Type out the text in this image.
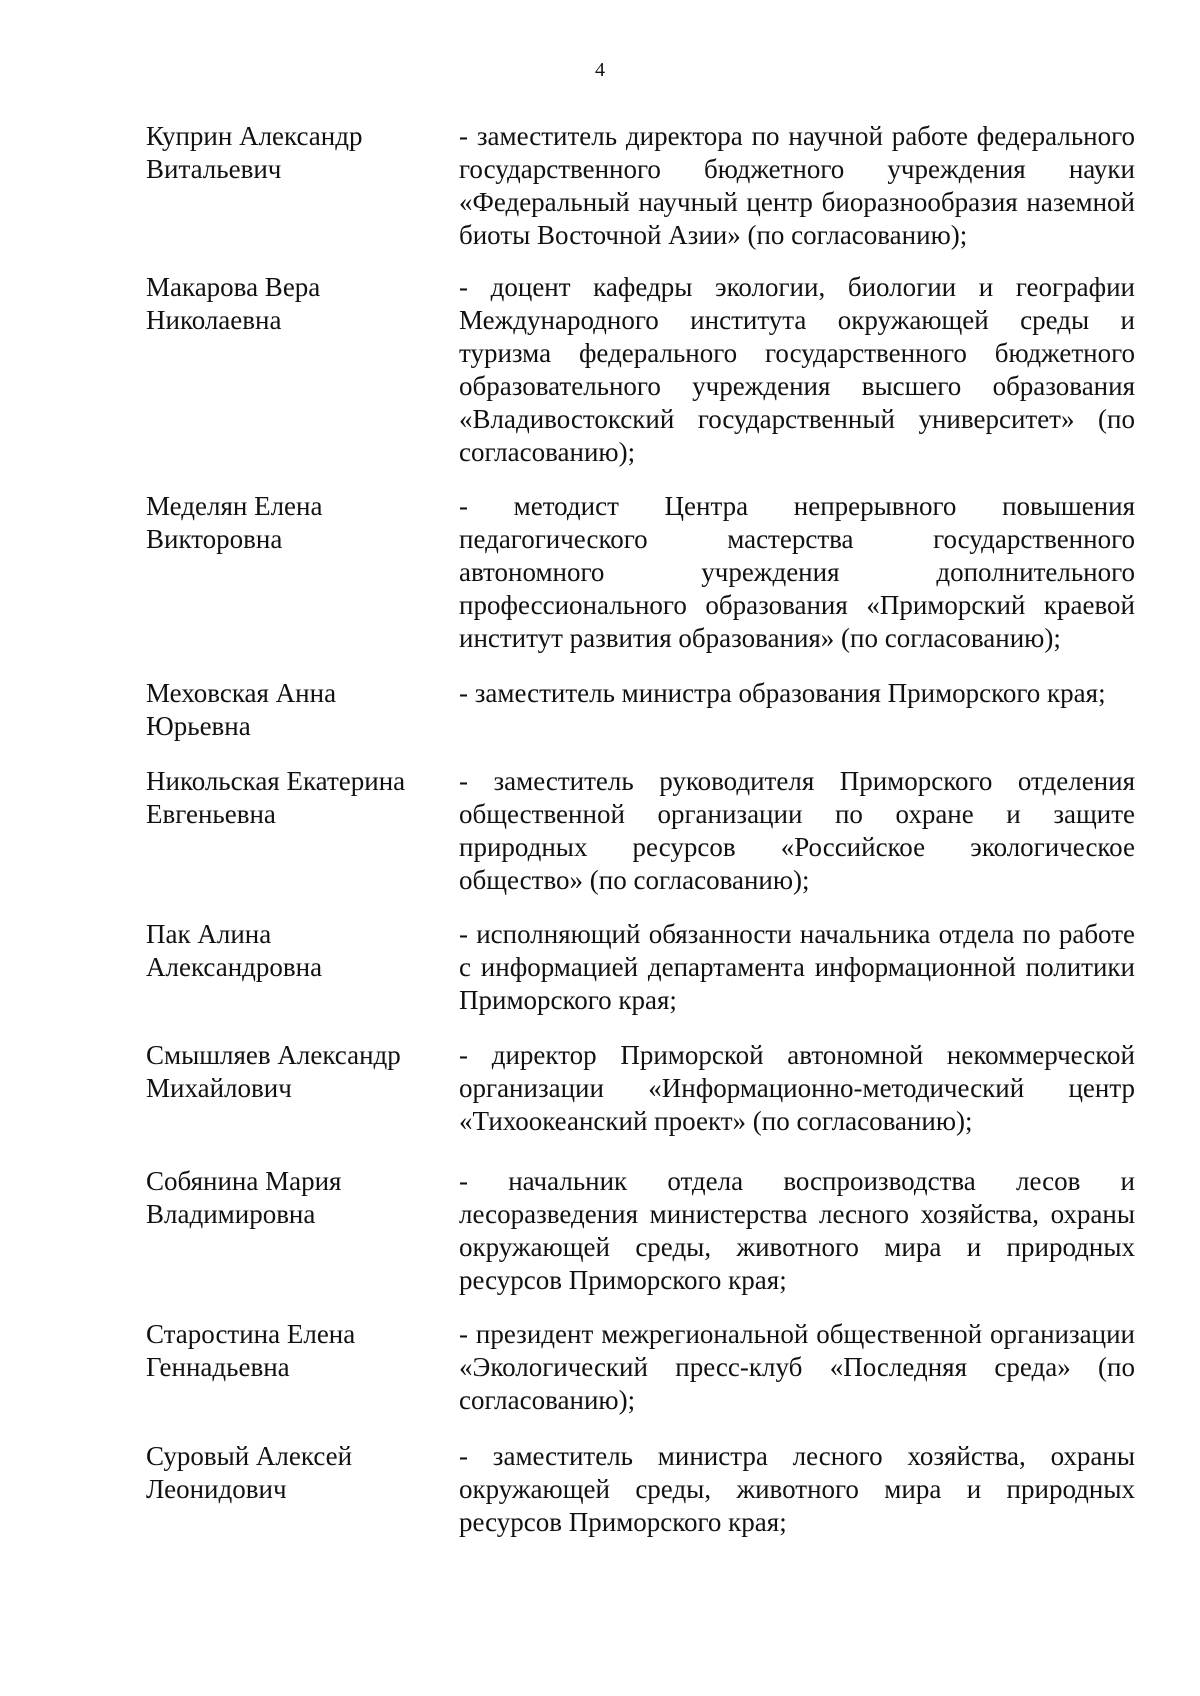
4
Куприн Александр
Витальевич
- заместитель директора по научной работе федерального государственного бюджетного учреждения науки «Федеральный научный центр биоразнообразия наземной биоты Восточной Азии» (по согласованию);
Макарова Вера
Николаевна
- доцент кафедры экологии, биологии и географии Международного института окружающей среды и туризма федерального государственного бюджетного образовательного учреждения высшего образования «Владивостокский государственный университет» (по согласованию);
Меделян Елена
Викторовна
- методист Центра непрерывного повышения педагогического мастерства государственного автономного учреждения дополнительного профессионального образования «Приморский краевой институт развития образования» (по согласованию);
Меховская Анна
Юрьевна
- заместитель министра образования Приморского края;
Никольская Екатерина
Евгеньевна
- заместитель руководителя Приморского отделения общественной организации по охране и защите природных ресурсов «Российское экологическое общество» (по согласованию);
Пак Алина
Александровна
- исполняющий обязанности начальника отдела по работе с информацией департамента информационной политики Приморского края;
Смышляев Александр
Михайлович
- директор Приморской автономной некоммерческой организации «Информационно-методический центр «Тихоокеанский проект» (по согласованию);
Собянина Мария
Владимировна
- начальник отдела воспроизводства лесов и лесоразведения министерства лесного хозяйства, охраны окружающей среды, животного мира и природных ресурсов Приморского края;
Старостина Елена
Геннадьевна
- президент межрегиональной общественной организации «Экологический пресс-клуб «Последняя среда» (по согласованию);
Суровый Алексей
Леонидович
- заместитель министра лесного хозяйства, охраны окружающей среды, животного мира и природных ресурсов Приморского края;
